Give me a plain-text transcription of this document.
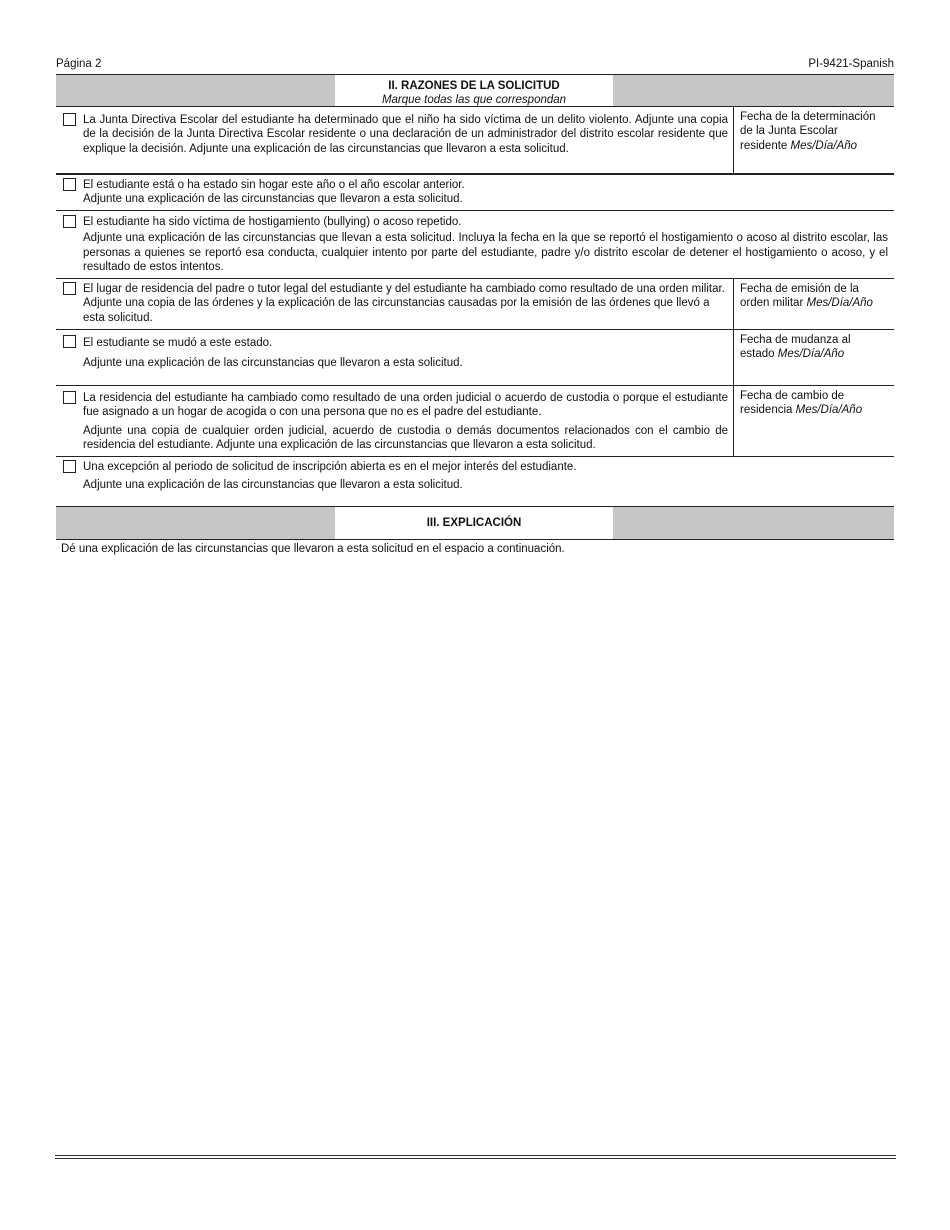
Página 2	PI-9421-Spanish
II. RAZONES DE LA SOLICITUD
Marque todas las que correspondan

La Junta Directiva Escolar del estudiante ha determinado que el niño ha sido víctima de un delito violento. Adjunte una copia de la decisión de la Junta Directiva Escolar residente o una declaración de un administrador del distrito escolar residente que explique la decisión. Adjunte una explicación de las circunstancias que llevaron a esta solicitud.

Fecha de la determinación de la Junta Escolar residente Mes/Día/Año

El estudiante está o ha estado sin hogar este año o el año escolar anterior.

Adjunte una explicación de las circunstancias que llevaron a esta solicitud.

El estudiante ha sido víctima de hostigamiento (bullying) o acoso repetido.

Adjunte una explicación de las circunstancias que llevan a esta solicitud. Incluya la fecha en la que se reportó el hostigamiento o acoso al distrito escolar, las personas a quienes se reportó esa conducta, cualquier intento por parte del estudiante, padre y/o distrito escolar de detener el hostigamiento o acoso, y el resultado de estos intentos.

El lugar de residencia del padre o tutor legal del estudiante y del estudiante ha cambiado como resultado de una orden militar. Adjunte una copia de las órdenes y la explicación de las circunstancias causadas por la emisión de las órdenes que llevó a esta solicitud.

Fecha de emisión de la orden militar Mes/Día/Año

El estudiante se mudó a este estado.

Adjunte una explicación de las circunstancias que llevaron a esta solicitud.

Fecha de mudanza al estado Mes/Día/Año

La residencia del estudiante ha cambiado como resultado de una orden judicial o acuerdo de custodia o porque el estudiante fue asignado a un hogar de acogida o con una persona que no es el padre del estudiante.

Adjunte una copia de cualquier orden judicial, acuerdo de custodia o demás documentos relacionados con el cambio de residencia del estudiante. Adjunte una explicación de las circunstancias que llevaron a esta solicitud.

Fecha de cambio de residencia Mes/Día/Año

Una excepción al periodo de solicitud de inscripción abierta es en el mejor interés del estudiante.

Adjunte una explicación de las circunstancias que llevaron a esta solicitud.

III. EXPLICACIÓN
Dé una explicación de las circunstancias que llevaron a esta solicitud en el espacio a continuación.
